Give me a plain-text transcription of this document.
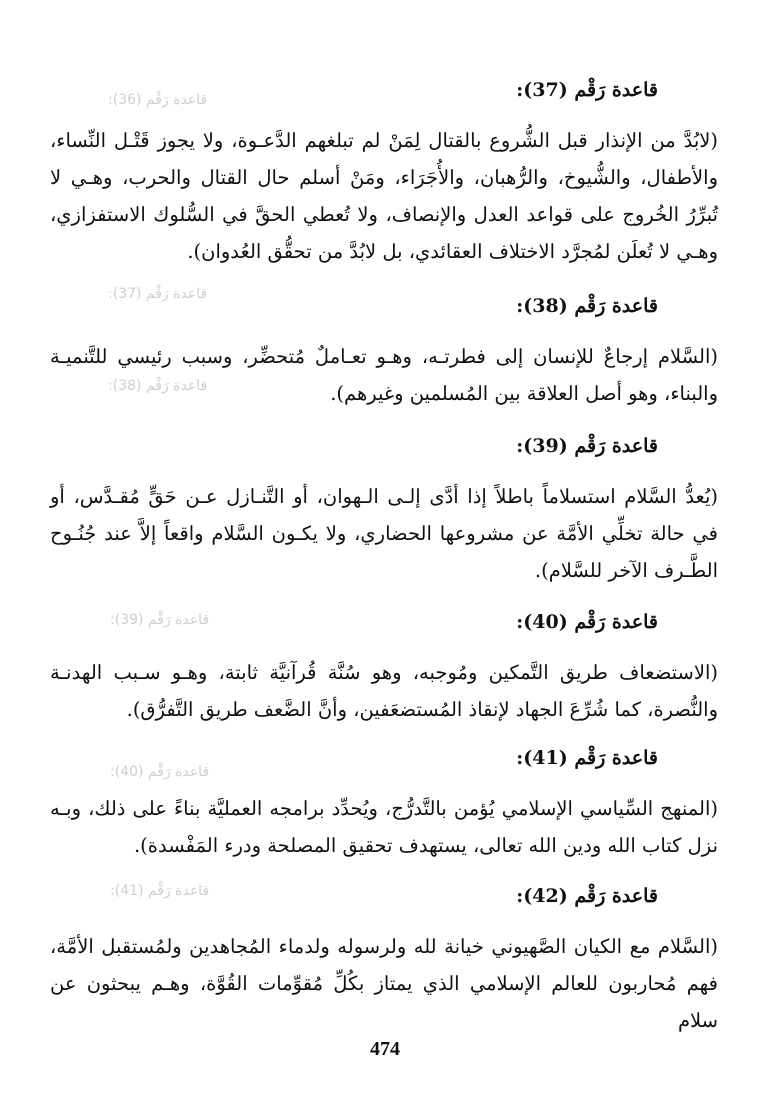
قاعدة رَقْم (36):
قاعدة رَقْم (37):
قاعدة رَقْم (38):
قاعدة رَقْم (39):
قاعدة رَقْم (40):
قاعدة رَقْم (41):
قاعدة رَقْم (37):
(لابُدَّ من الإنذار قبل الشُّروع بالقتال لِمَنْ لم تبلغهم الدَّعـوة، ولا يجوز قَتْـل النِّساء، والأطفال، والشُّيوخ، والرُّهبان، والأُجَرَاء، ومَنْ أسلم حال القتال والحرب، وهـي لا تُبرِّرُ الخُروج على قواعد العدل والإنصاف، ولا تُعطي الحقَّ في السُّلوك الاستفزازي، وهـي لا تُعلَن لمُجرَّد الاختلاف العقائدي، بل لابُدَّ من تحقُّق العُدوان).
قاعدة رَقْم (38):
(السَّلام إرجاعٌ للإنسان إلى فطرتـه، وهـو تعـاملٌ مُتحضِّر، وسبب رئيسي للتَّنميـة والبناء، وهو أصل العلاقة بين المُسلمين وغيرهم).
قاعدة رَقْم (39):
(يُعدُّ السَّلام استسلاماً باطلاً إذا أدَّى إلـى الـهوان، أو التَّنـازل عـن حَقٍّ مُقـدَّس، أو في حالة تخلِّي الأمَّة عن مشروعها الحضاري، ولا يكـون السَّلام واقعاً إلاَّ عند جُنُـوح الطَّـرف الآخر للسَّلام).
قاعدة رَقْم (40):
(الاستضعاف طريق التَّمكين ومُوجبه، وهو سُنَّة قُرآنيَّة ثابتة، وهـو سـبب الهدنـة والنُّصرة، كما شُرِّعَ الجهاد لإنقاذ المُستضعَفين، وأنَّ الضَّعف طريق التَّفرُّق).
قاعدة رَقْم (41):
(المنهج السِّياسي الإسلامي يُؤمن بالتَّدرُّج، ويُحدِّد برامجه العمليَّة بناءً على ذلك، وبـه نزل كتاب الله ودين الله تعالى، يستهدف تحقيق المصلحة ودرء المَفْسدة).
قاعدة رَقْم (42):
(السَّلام مع الكيان الصَّهيوني خيانة لله ولرسوله ولدماء المُجاهدين ولمُستقبل الأمَّة، فهم مُحاربون للعالم الإسلامي الذي يمتاز بكُلِّ مُقوِّمات القُوَّة، وهـم يبحثون عن سلام
474
